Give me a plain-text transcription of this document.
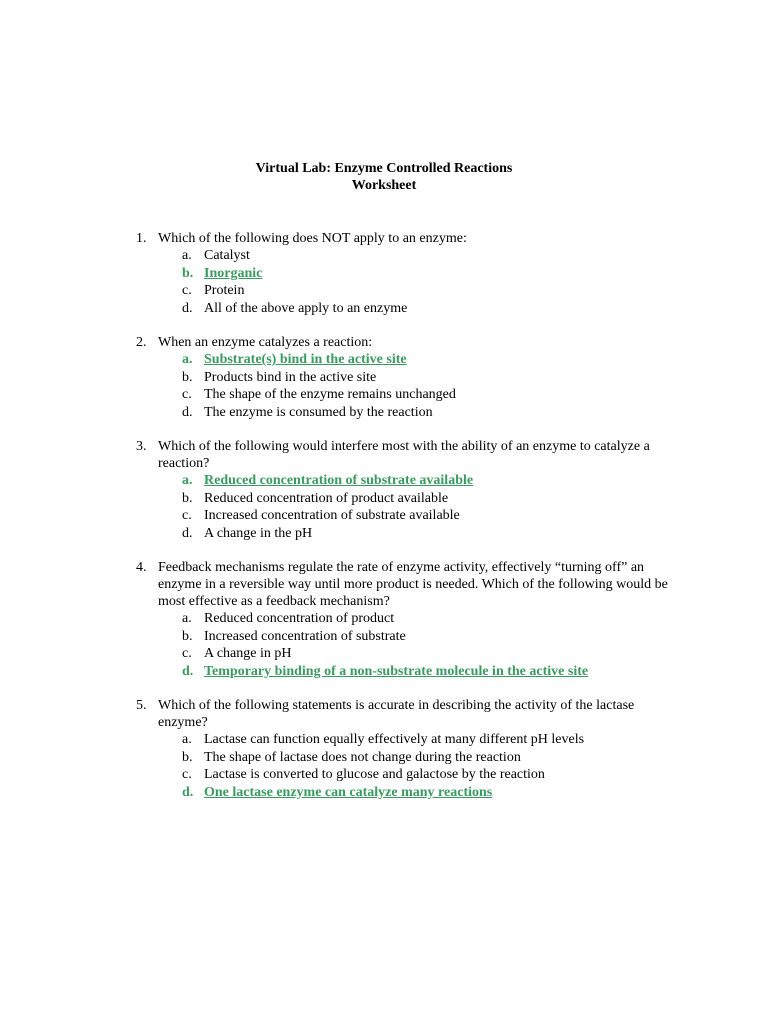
Virtual Lab: Enzyme Controlled Reactions
Worksheet
1. Which of the following does NOT apply to an enzyme:
a. Catalyst
b. Inorganic
c. Protein
d. All of the above apply to an enzyme
2. When an enzyme catalyzes a reaction:
a. Substrate(s) bind in the active site
b. Products bind in the active site
c. The shape of the enzyme remains unchanged
d. The enzyme is consumed by the reaction
3. Which of the following would interfere most with the ability of an enzyme to catalyze a reaction?
a. Reduced concentration of substrate available
b. Reduced concentration of product available
c. Increased concentration of substrate available
d. A change in the pH
4. Feedback mechanisms regulate the rate of enzyme activity, effectively “turning off” an enzyme in a reversible way until more product is needed. Which of the following would be most effective as a feedback mechanism?
a. Reduced concentration of product
b. Increased concentration of substrate
c. A change in pH
d. Temporary binding of a non-substrate molecule in the active site
5. Which of the following statements is accurate in describing the activity of the lactase enzyme?
a. Lactase can function equally effectively at many different pH levels
b. The shape of lactase does not change during the reaction
c. Lactase is converted to glucose and galactose by the reaction
d. One lactase enzyme can catalyze many reactions
